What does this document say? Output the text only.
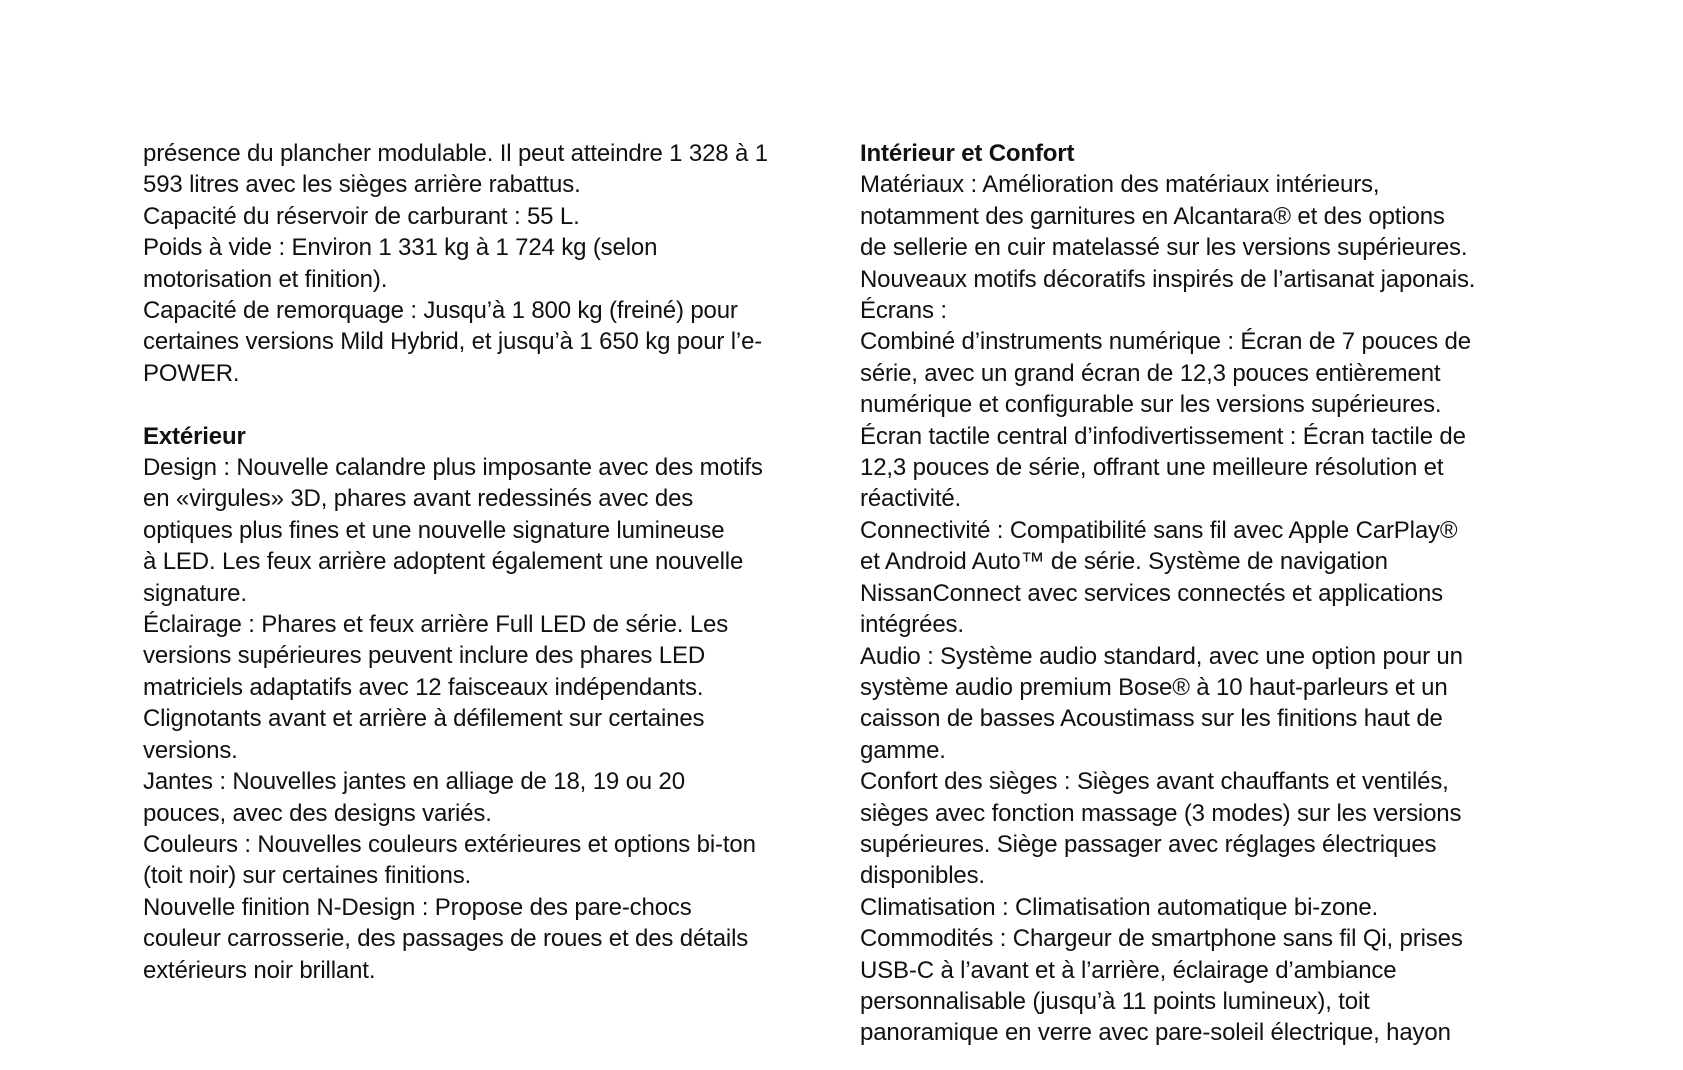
présence du plancher modulable. Il peut atteindre 1 328 à 1
593 litres avec les sièges arrière rabattus.
Capacité du réservoir de carburant : 55 L.
Poids à vide : Environ 1 331 kg à 1 724 kg (selon
motorisation et finition).
Capacité de remorquage : Jusqu’à 1 800 kg (freiné) pour
certaines versions Mild Hybrid, et jusqu’à 1 650 kg pour l’e-
POWER.
Extérieur
Design : Nouvelle calandre plus imposante avec des motifs
en «virgules» 3D, phares avant redessinés avec des
optiques plus fines et une nouvelle signature lumineuse
à LED. Les feux arrière adoptent également une nouvelle
signature.
Éclairage : Phares et feux arrière Full LED de série. Les
versions supérieures peuvent inclure des phares LED
matriciels adaptatifs avec 12 faisceaux indépendants.
Clignotants avant et arrière à défilement sur certaines
versions.
Jantes : Nouvelles jantes en alliage de 18, 19 ou 20
pouces, avec des designs variés.
Couleurs : Nouvelles couleurs extérieures et options bi-ton
(toit noir) sur certaines finitions.
Nouvelle finition N-Design : Propose des pare-chocs
couleur carrosserie, des passages de roues et des détails
extérieurs noir brillant.
Intérieur et Confort
Matériaux : Amélioration des matériaux intérieurs,
notamment des garnitures en Alcantara® et des options
de sellerie en cuir matelassé sur les versions supérieures.
Nouveaux motifs décoratifs inspirés de l’artisanat japonais.
Écrans :
Combiné d’instruments numérique : Écran de 7 pouces de
série, avec un grand écran de 12,3 pouces entièrement
numérique et configurable sur les versions supérieures.
Écran tactile central d’infodivertissement : Écran tactile de
12,3 pouces de série, offrant une meilleure résolution et
réactivité.
Connectivité : Compatibilité sans fil avec Apple CarPlay®
et Android Auto™ de série. Système de navigation
NissanConnect avec services connectés et applications
intégrées.
Audio : Système audio standard, avec une option pour un
système audio premium Bose® à 10 haut-parleurs et un
caisson de basses Acoustimass sur les finitions haut de
gamme.
Confort des sièges : Sièges avant chauffants et ventilés,
sièges avec fonction massage (3 modes) sur les versions
supérieures. Siège passager avec réglages électriques
disponibles.
Climatisation : Climatisation automatique bi-zone.
Commodités : Chargeur de smartphone sans fil Qi, prises
USB-C à l’avant et à l’arrière, éclairage d’ambiance
personnalisable (jusqu’à 11 points lumineux), toit
panoramique en verre avec pare-soleil électrique, hayon
